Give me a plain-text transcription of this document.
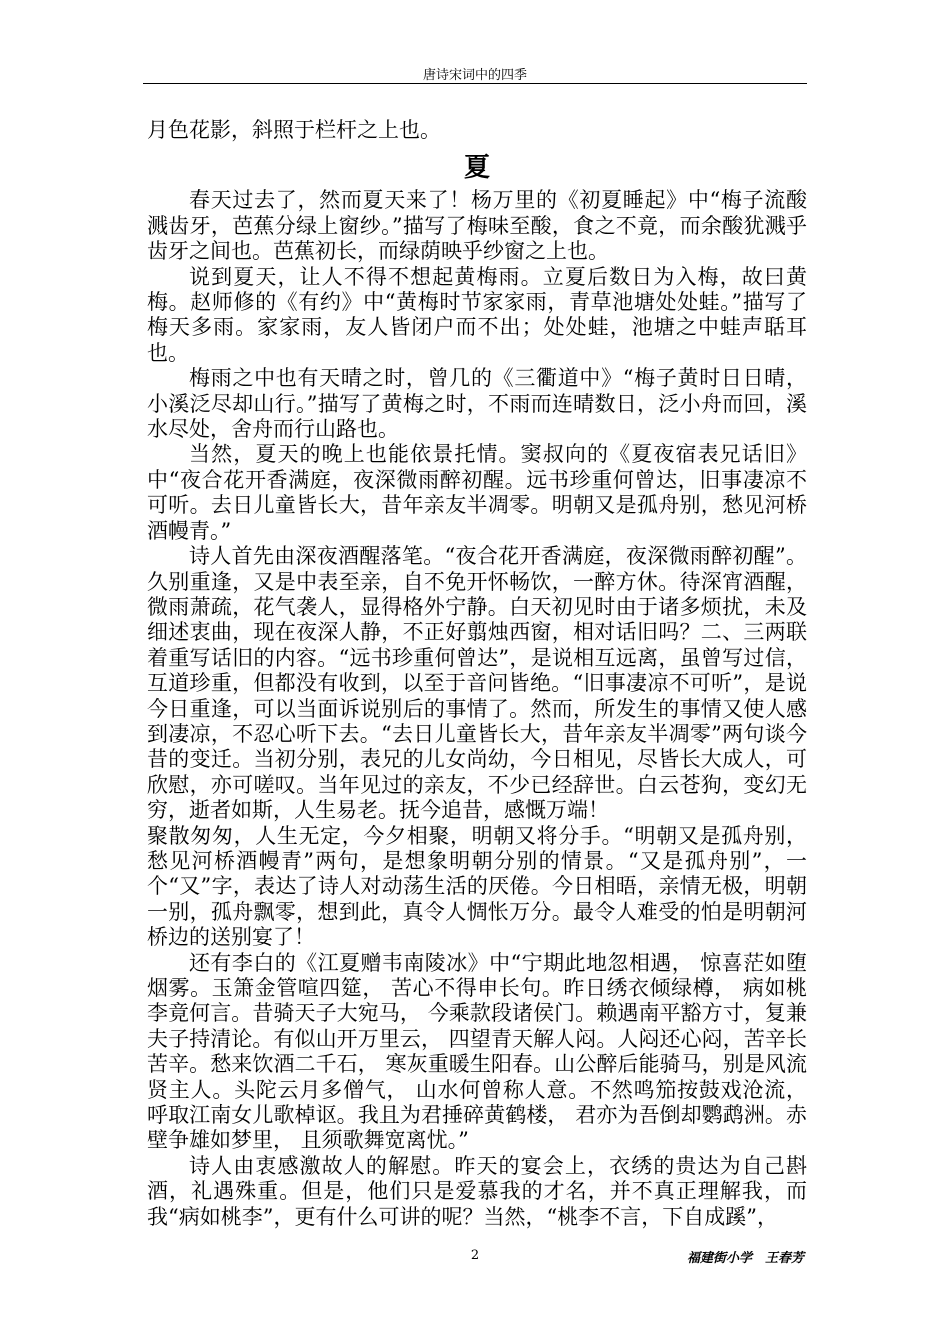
唐诗宋词中的四季

月色花影，斜照于栏杆之上也。

夏

春天过去了，然而夏天来了！杨万里的《初夏睡起》中“梅子流酸溅齿牙，芭蕉分绿上窗纱。”描写了梅味至酸，食之不竟，而余酸犹溅乎齿牙之间也。芭蕉初长，而绿荫映乎纱窗之上也。

说到夏天，让人不得不想起黄梅雨。立夏后数日为入梅，故曰黄梅。赵师修的《有约》中“黄梅时节家家雨，青草池塘处处蛙。”描写了梅天多雨。家家雨，友人皆闭户而不出；处处蛙，池塘之中蛙声聒耳也。

梅雨之中也有天晴之时，曾几的《三衢道中》“梅子黄时日日晴，小溪泛尽却山行。”描写了黄梅之时，不雨而连晴数日，泛小舟而回，溪水尽处，舍舟而行山路也。

当然，夏天的晚上也能依景托情。窦叔向的《夏夜宿表兄话旧》中“夜合花开香满庭，夜深微雨醉初醒。远书珍重何曾达，旧事凄凉不可听。去日儿童皆长大，昔年亲友半凋零。明朝又是孤舟别，愁见河桥酒幔青。”

诗人首先由深夜酒醒落笔。“夜合花开香满庭，夜深微雨醉初醒”。久别重逢，又是中表至亲，自不免开怀畅饮，一醉方休。待深宵酒醒，微雨萧疏，花气袭人，显得格外宁静。白天初见时由于诸多烦扰，未及细述衷曲，现在夜深人静，不正好翦烛西窗，相对话旧吗？二、三两联着重写话旧的内容。“远书珍重何曾达”，是说相互远离，虽曾写过信，互道珍重，但都没有收到，以至于音问皆绝。“旧事凄凉不可听”，是说今日重逢，可以当面诉说别后的事情了。然而，所发生的事情又使人感到凄凉，不忍心听下去。“去日儿童皆长大，昔年亲友半凋零”两句谈今昔的变迁。当初分别，表兄的儿女尚幼，今日相见，尽皆长大成人，可欣慰，亦可嗟叹。当年见过的亲友，不少已经辞世。白云苍狗，变幻无穷，逝者如斯，人生易老。抚今追昔，感慨万端！

聚散匆匆，人生无定，今夕相聚，明朝又将分手。“明朝又是孤舟别，愁见河桥酒幔青”两句，是想象明朝分别的情景。“又是孤舟别”，一个“又”字，表达了诗人对动荡生活的厌倦。今日相晤，亲情无极，明朝一别，孤舟飘零，想到此，真令人惆怅万分。最令人难受的怕是明朝河桥边的送别宴了！

还有李白的《江夏赠韦南陵冰》中“宁期此地忽相遇， 惊喜茫如堕烟雾。玉箫金管喧四筵， 苦心不得申长句。昨日绣衣倾绿樽， 病如桃李竟何言。昔骑天子大宛马， 今乘款段诸侯门。赖遇南平豁方寸，复兼夫子持清论。有似山开万里云， 四望青天解人闷。人闷还心闷，苦辛长苦辛。愁来饮酒二千石， 寒灰重暖生阳春。山公醉后能骑马，别是风流贤主人。头陀云月多僧气， 山水何曾称人意。不然鸣笳按鼓戏沧流， 呼取江南女儿歌棹讴。我且为君捶碎黄鹤楼， 君亦为吾倒却鹦鹉洲。赤壁争雄如梦里， 且须歌舞宽离忧。”

诗人由衷感激故人的解慰。昨天的宴会上，衣绣的贵达为自己斟酒，礼遇殊重。但是，他们只是爱慕我的才名，并不真正理解我，而我“病如桃李”，更有什么可讲的呢？当然，“桃李不言，下自成蹊”，

2	福建街小学　王春芳
